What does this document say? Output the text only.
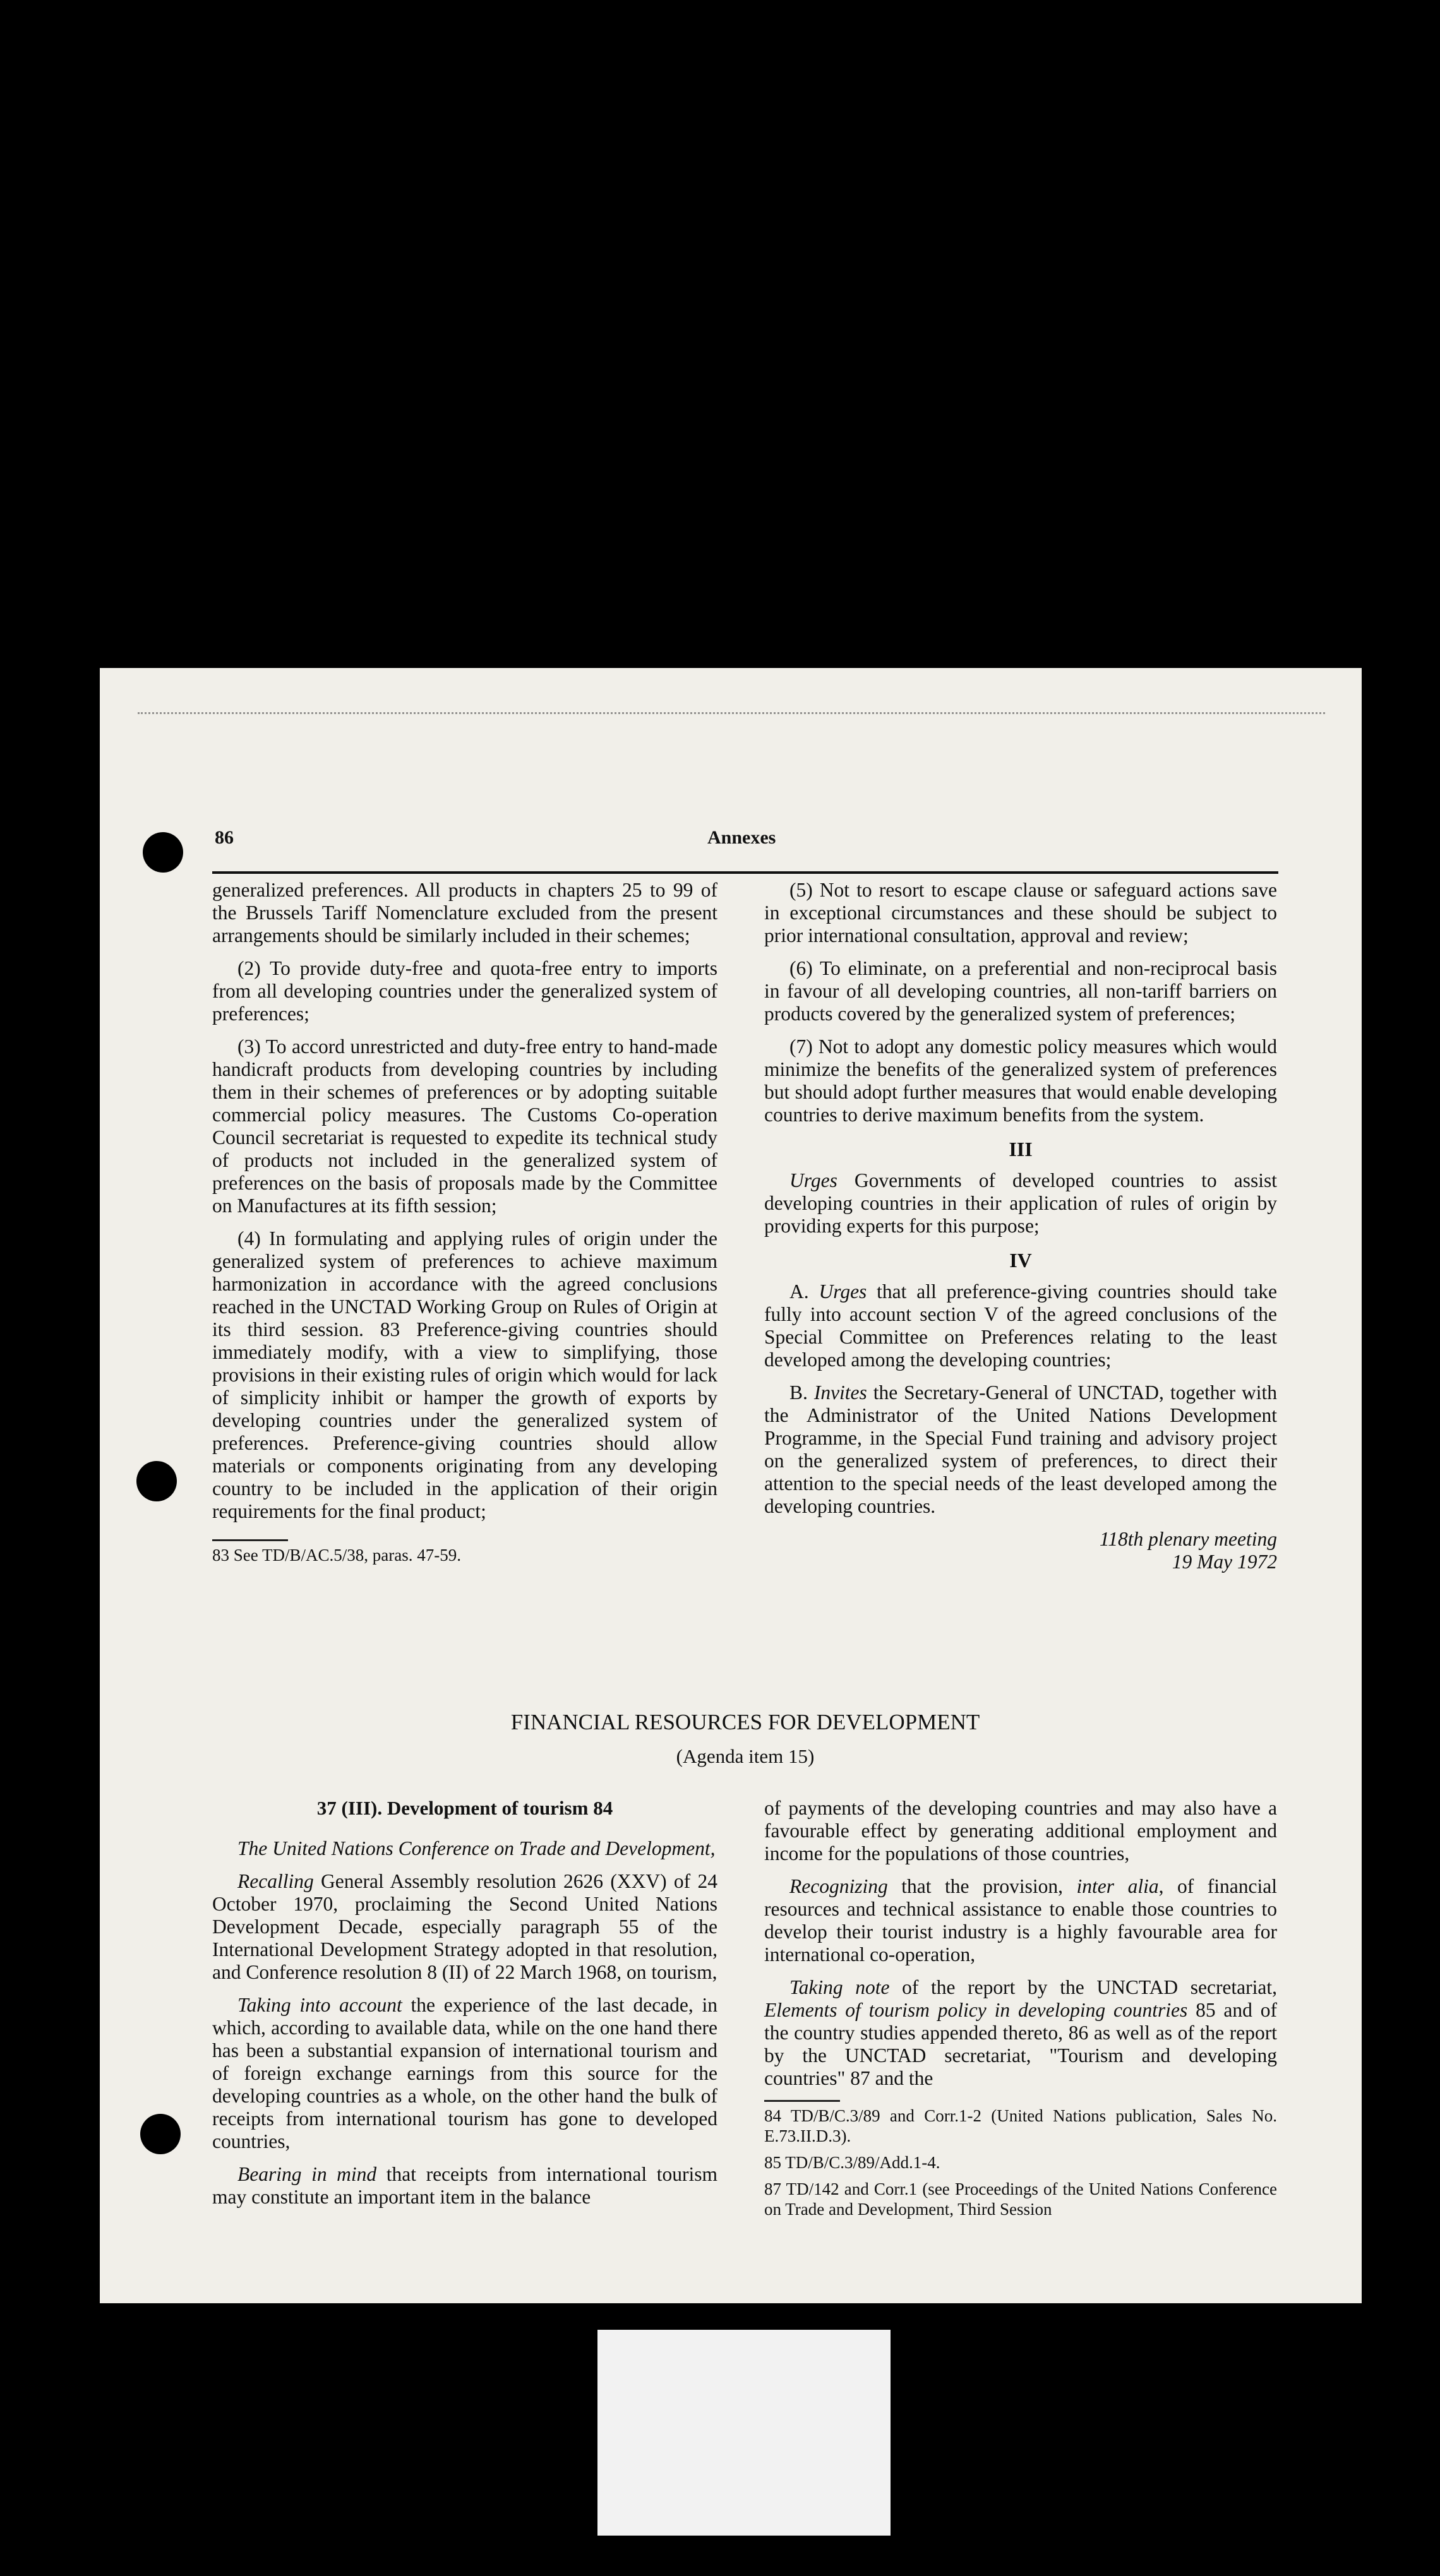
86	Annexes

generalized preferences. All products in chapters 25 to 99 of the Brussels Tariff Nomenclature excluded from the present arrangements should be similarly included in their schemes;

(2) To provide duty-free and quota-free entry to imports from all developing countries under the generalized system of preferences;

(3) To accord unrestricted and duty-free entry to hand-made handicraft products from developing countries by including them in their schemes of preferences or by adopting suitable commercial policy measures. The Customs Co-operation Council secretariat is requested to expedite its technical study of products not included in the generalized system of preferences on the basis of proposals made by the Committee on Manufactures at its fifth session;

(4) In formulating and applying rules of origin under the generalized system of preferences to achieve maximum harmonization in accordance with the agreed conclusions reached in the UNCTAD Working Group on Rules of Origin at its third session. 83 Preference-giving countries should immediately modify, with a view to simplifying, those provisions in their existing rules of origin which would for lack of simplicity inhibit or hamper the growth of exports by developing countries under the generalized system of preferences. Preference-giving countries should allow materials or components originating from any developing country to be included in the application of their origin requirements for the final product;

83 See TD/B/AC.5/38, paras. 47-59.

(5) Not to resort to escape clause or safeguard actions save in exceptional circumstances and these should be subject to prior international consultation, approval and review;

(6) To eliminate, on a preferential and non-reciprocal basis in favour of all developing countries, all non-tariff barriers on products covered by the generalized system of preferences;

(7) Not to adopt any domestic policy measures which would minimize the benefits of the generalized system of preferences but should adopt further measures that would enable developing countries to derive maximum benefits from the system.

III

Urges Governments of developed countries to assist developing countries in their application of rules of origin by providing experts for this purpose;

IV

A. Urges that all preference-giving countries should take fully into account section V of the agreed conclusions of the Special Committee on Preferences relating to the least developed among the developing countries;

B. Invites the Secretary-General of UNCTAD, together with the Administrator of the United Nations Development Programme, in the Special Fund training and advisory project on the generalized system of preferences, to direct their attention to the special needs of the least developed among the developing countries.

118th plenary meeting
19 May 1972
FINANCIAL RESOURCES FOR DEVELOPMENT
(Agenda item 15)
37 (III). Development of tourism 84

The United Nations Conference on Trade and Development,

Recalling General Assembly resolution 2626 (XXV) of 24 October 1970, proclaiming the Second United Nations Development Decade, especially paragraph 55 of the International Development Strategy adopted in that resolution, and Conference resolution 8 (II) of 22 March 1968, on tourism,

Taking into account the experience of the last decade, in which, according to available data, while on the one hand there has been a substantial expansion of international tourism and of foreign exchange earnings from this source for the developing countries as a whole, on the other hand the bulk of receipts from international tourism has gone to developed countries,

Bearing in mind that receipts from international tourism may constitute an important item in the balance

of payments of the developing countries and may also have a favourable effect by generating additional employment and income for the populations of those countries,

Recognizing that the provision, inter alia, of financial resources and technical assistance to enable those countries to develop their tourist industry is a highly favourable area for international co-operation,

Taking note of the report by the UNCTAD secretariat, Elements of tourism policy in developing countries 85 and of the country studies appended thereto, 86 as well as of the report by the UNCTAD secretariat, "Tourism and developing countries" 87 and the

84 TD/B/C.3/89 and Corr.1-2 (United Nations publication, Sales No. E.73.II.D.3).
85 TD/B/C.3/89/Add.1-4.
87 TD/142 and Corr.1 (see Proceedings of the United Nations Conference on Trade and Development, Third Session
